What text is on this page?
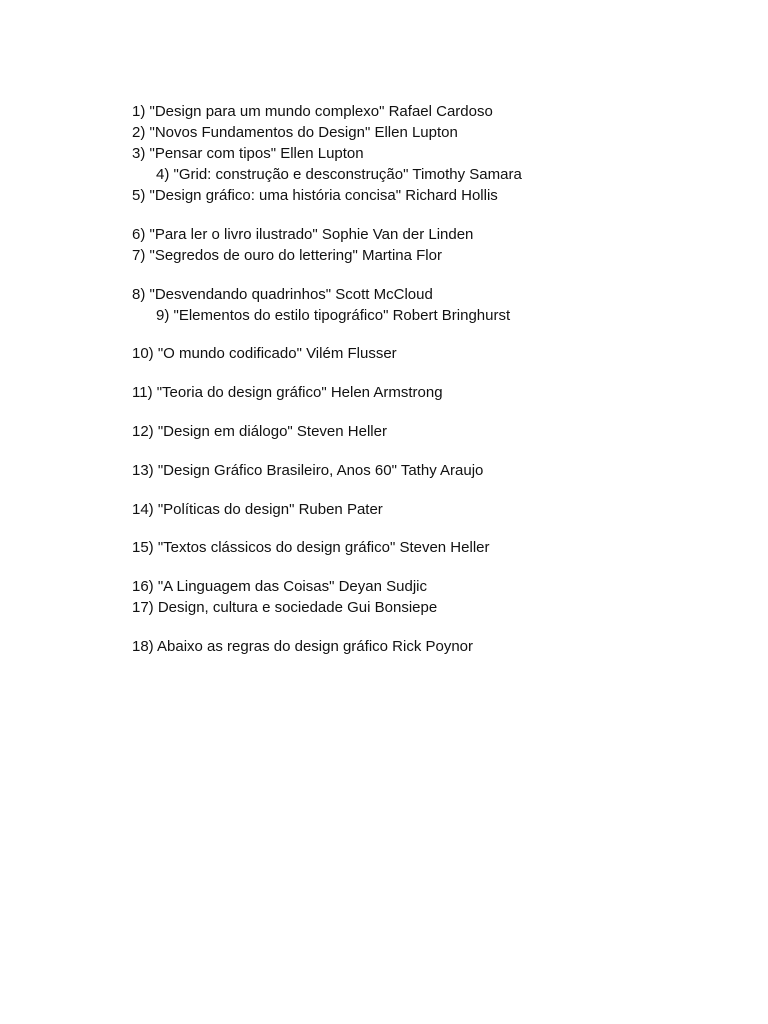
1) "Design para um mundo complexo" Rafael Cardoso

2) "Novos Fundamentos do Design" Ellen Lupton

3) "Pensar com tipos" Ellen Lupton

4) "Grid: construção e desconstrução" Timothy Samara

5) "Design gráfico: uma história concisa" Richard Hollis

6) "Para ler o livro ilustrado" Sophie Van der Linden

7) "Segredos de ouro do lettering" Martina Flor

8) "Desvendando quadrinhos" Scott McCloud

9) "Elementos do estilo tipográfico" Robert Bringhurst

10) "O mundo codificado" Vilém Flusser

11) "Teoria do design gráfico" Helen Armstrong

12) "Design em diálogo" Steven Heller

13) "Design Gráfico Brasileiro, Anos 60" Tathy Araujo

14) "Políticas do design" Ruben Pater

15) "Textos clássicos do design gráfico" Steven Heller

16) "A Linguagem das Coisas" Deyan Sudjic

17) Design, cultura e sociedade Gui Bonsiepe

18) Abaixo as regras do design gráfico Rick Poynor
